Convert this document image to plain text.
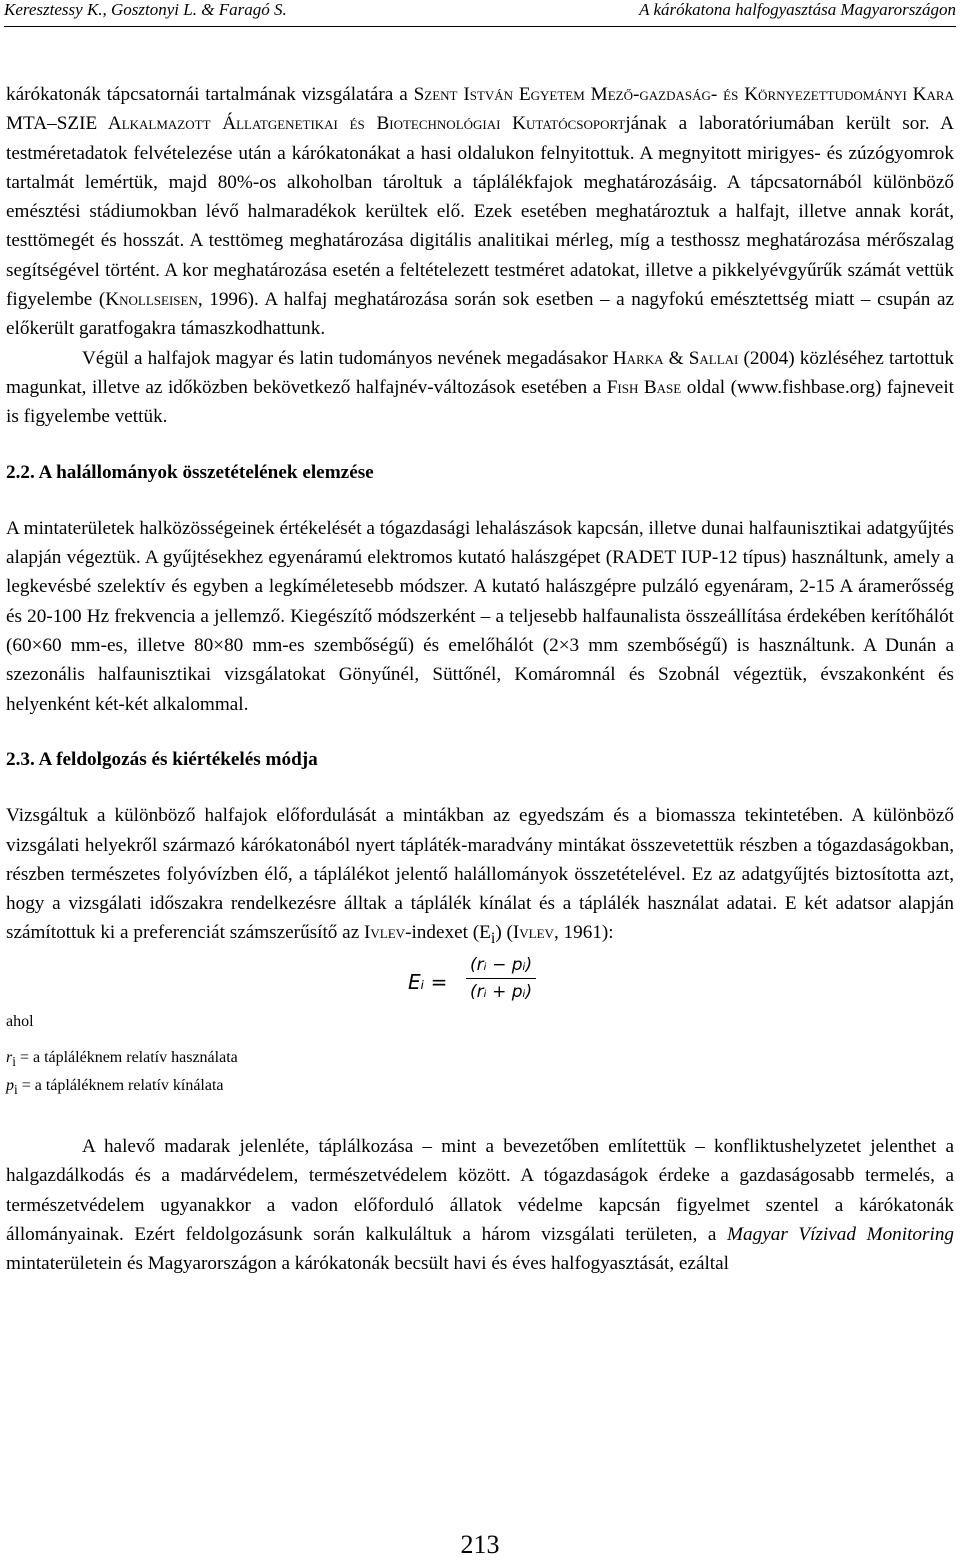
Keresztessy K., Gosztonyi L. & Faragó S.	A kárókatona halfogyasztása Magyarországon

kárókatonák tápcsatornái tartalmának vizsgálatára a Szent István Egyetem Mező-gazdaság- és Környezettudományi Kara MTA–SZIE Alkalmazott Állatgenetikai és Biotechnológiai Kutatócsoportjának a laboratóriumában került sor. A testméretadatok felvételezése után a kárókatonákat a hasi oldalukon felnyitottuk. A megnyitott mirigyes- és zúzógyomrok tartalmát lemértük, majd 80%-os alkoholban tároltuk a táplálékfajok meghatározásáig. A tápcsatornából különböző emésztési stádiumokban lévő halmaradékok kerültek elő. Ezek esetében meghatároztuk a halfajt, illetve annak korát, testtömegét és hosszát. A testtömeg meghatározása digitális analitikai mérleg, míg a testhossz meghatározása mérőszalag segítségével történt. A kor meghatározása esetén a feltételezett testméret adatokat, illetve a pikkelyévgyűrűk számát vettük figyelembe (Knollseisen, 1996). A halfaj meghatározása során sok esetben – a nagyfokú emésztettség miatt – csupán az előkerült garatfogakra támaszkodhattunk.

Végül a halfajok magyar és latin tudományos nevének megadásakor Harka & Sallai (2004) közléséhez tartottuk magunkat, illetve az időközben bekövetkező halfajnév-változások esetében a Fish Base oldal (www.fishbase.org) fajneveit is figyelembe vettük.

2.2. A halállományok összetételének elemzése

A mintaterületek halközösségeinek értékelését a tógazdasági lehalászások kapcsán, illetve dunai halfaunisztikai adatgyűjtés alapján végeztük. A gyűjtésekhez egyenáramú elektromos kutató halászgépet (RADET IUP-12 típus) használtunk, amely a legkevésbé szelektív és egyben a legkíméletesebb módszer. A kutató halászgépre pulzáló egyenáram, 2-15 A áramerősség és 20-100 Hz frekvencia a jellemző. Kiegészítő módszerként – a teljesebb halfaunalista összeállítása érdekében kerítőhálót (60×60 mm-es, illetve 80×80 mm-es szembőségű) és emelőhálót (2×3 mm szembőségű) is használtunk. A Dunán a szezonális halfaunisztikai vizsgálatokat Gönyűnél, Süttőnél, Komáromnál és Szobnál végeztük, évszakonként és helyenként két-két alkalommal.

2.3. A feldolgozás és kiértékelés módja

Vizsgáltuk a különböző halfajok előfordulását a mintákban az egyedszám és a biomassza tekintetében. A különböző vizsgálati helyekről származó kárókatonából nyert tápláték-maradvány mintákat összevetettük részben a tógazdaságokban, részben természetes folyóvízben élő, a táplálékot jelentő halállományok összetételével. Ez az adatgyűjtés biztosította azt, hogy a vizsgálati időszakra rendelkezésre álltak a táplálék kínálat és a táplálék használat adatai. E két adatsor alapján számítottuk ki a preferenciát számszerűsítő az Ivlev-indexet $(E_i)$ (Ivlev, 1961):

Eᵢ = $\frac{\text{(rᵢ − pᵢ)}}{\text{(rᵢ + pᵢ)}}$

ahol

$r_i = a$ tápláléknem relatív használata

$p_i = a$ tápláléknem relatív kínálata

A halevő madarak jelenléte, táplálkozása – mint a bevezetőben említettük – konfliktushelyzetet jelenthet a halgazdálkodás és a madárvédelem, természetvédelem között. A tógazdaságok érdeke a gazdaságosabb termelés, a természetvédelem ugyanakkor a vadon előforduló állatok védelme kapcsán figyelmet szentel a kárókatonák állományainak. Ezért feldolgozásunk során kalkuláltuk a három vizsgálati területen, a Magyar Vízivad Monitoring mintaterületein és Magyarországon a kárókatonák becsült havi és éves halfogyasztását, ezáltal

213
